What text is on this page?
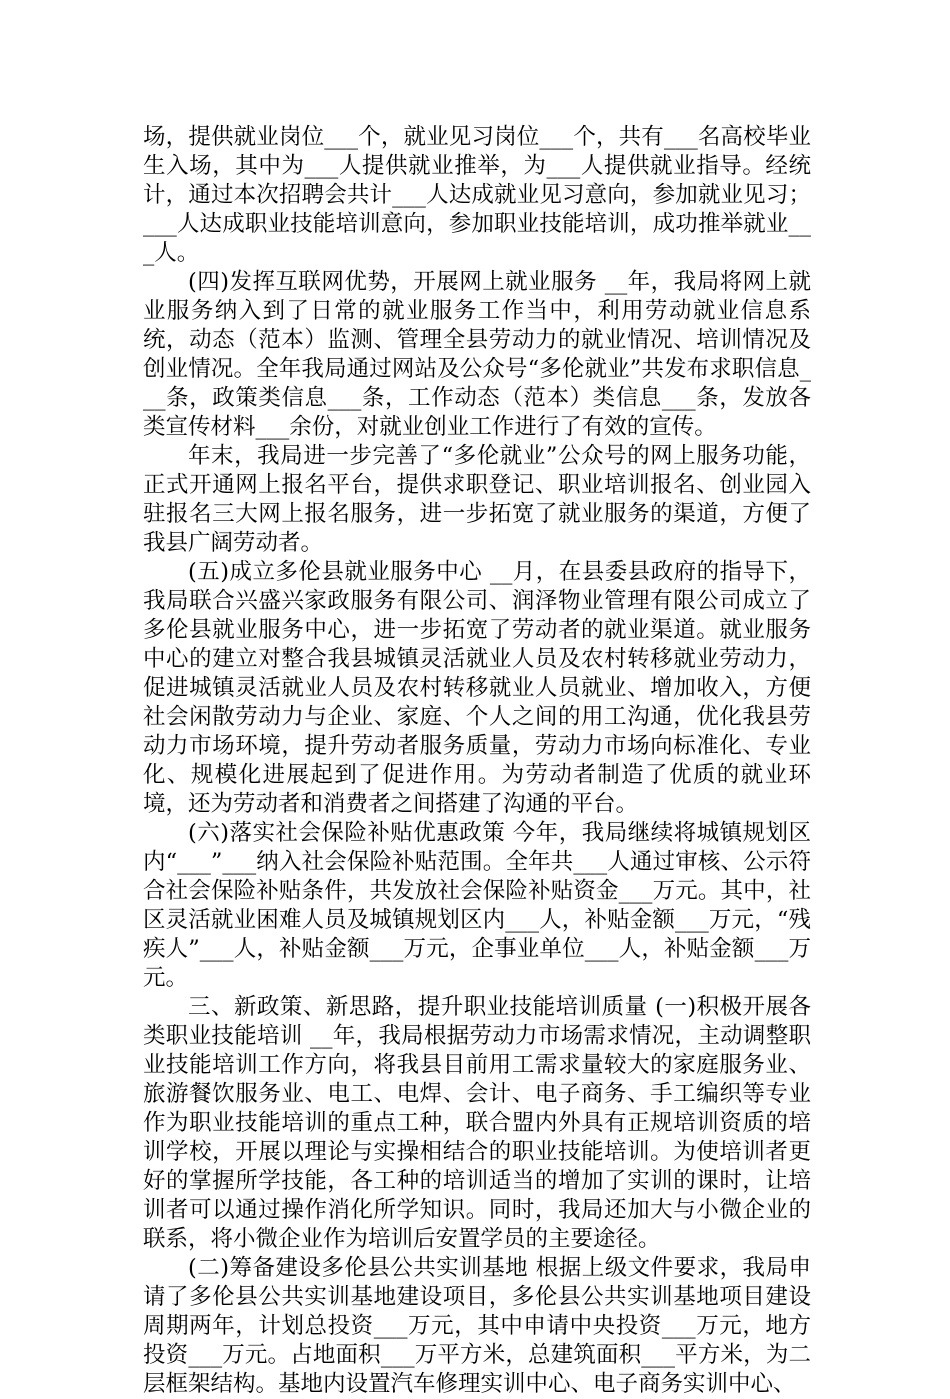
场，提供就业岗位___个，就业见习岗位___个，共有___名高校毕业生入场，其中为___人提供就业推举，为___人提供就业指导。经统计，通过本次招聘会共计___人达成就业见习意向，参加就业见习；___人达成职业技能培训意向，参加职业技能培训，成功推举就业___人。

(四)发挥互联网优势，开展网上就业服务 __年，我局将网上就业服务纳入到了日常的就业服务工作当中，利用劳动就业信息系统，动态（范本）监测、管理全县劳动力的就业情况、培训情况及创业情况。全年我局通过网站及公众号“多伦就业”共发布求职信息___条，政策类信息___条，工作动态（范本）类信息___条，发放各类宣传材料___余份，对就业创业工作进行了有效的宣传。

年末，我局进一步完善了“多伦就业”公众号的网上服务功能，正式开通网上报名平台，提供求职登记、职业培训报名、创业园入驻报名三大网上报名服务，进一步拓宽了就业服务的渠道，方便了我县广阔劳动者。

(五)成立多伦县就业服务中心 __月，在县委县政府的指导下，我局联合兴盛兴家政服务有限公司、润泽物业管理有限公司成立了多伦县就业服务中心，进一步拓宽了劳动者的就业渠道。就业服务中心的建立对整合我县城镇灵活就业人员及农村转移就业劳动力，促进城镇灵活就业人员及农村转移就业人员就业、增加收入，方便社会闲散劳动力与企业、家庭、个人之间的用工沟通，优化我县劳动力市场环境，提升劳动者服务质量，劳动力市场向标准化、专业化、规模化进展起到了促进作用。为劳动者制造了优质的就业环境，还为劳动者和消费者之间搭建了沟通的平台。

(六)落实社会保险补贴优惠政策 今年，我局继续将城镇规划区内“___”___纳入社会保险补贴范围。全年共___人通过审核、公示符合社会保险补贴条件，共发放社会保险补贴资金___万元。其中，社区灵活就业困难人员及城镇规划区内___人，补贴金额___万元，“残疾人”___人，补贴金额___万元，企事业单位___人，补贴金额___万元。

三、新政策、新思路，提升职业技能培训质量 (一)积极开展各类职业技能培训 __年，我局根据劳动力市场需求情况，主动调整职业技能培训工作方向，将我县目前用工需求量较大的家庭服务业、旅游餐饮服务业、电工、电焊、会计、电子商务、手工编织等专业作为职业技能培训的重点工种，联合盟内外具有正规培训资质的培训学校，开展以理论与实操相结合的职业技能培训。为使培训者更好的掌握所学技能，各工种的培训适当的增加了实训的课时，让培训者可以通过操作消化所学知识。同时，我局还加大与小微企业的联系，将小微企业作为培训后安置学员的主要途径。

(二)筹备建设多伦县公共实训基地 根据上级文件要求，我局申请了多伦县公共实训基地建设项目，多伦县公共实训基地项目建设周期两年，计划总投资___万元，其中申请中央投资___万元，地方投资___万元。占地面积___万平方米，总建筑面积___平方米，为二层框架结构。基地内设置汽车修理实训中心、电子商务实训中心、
